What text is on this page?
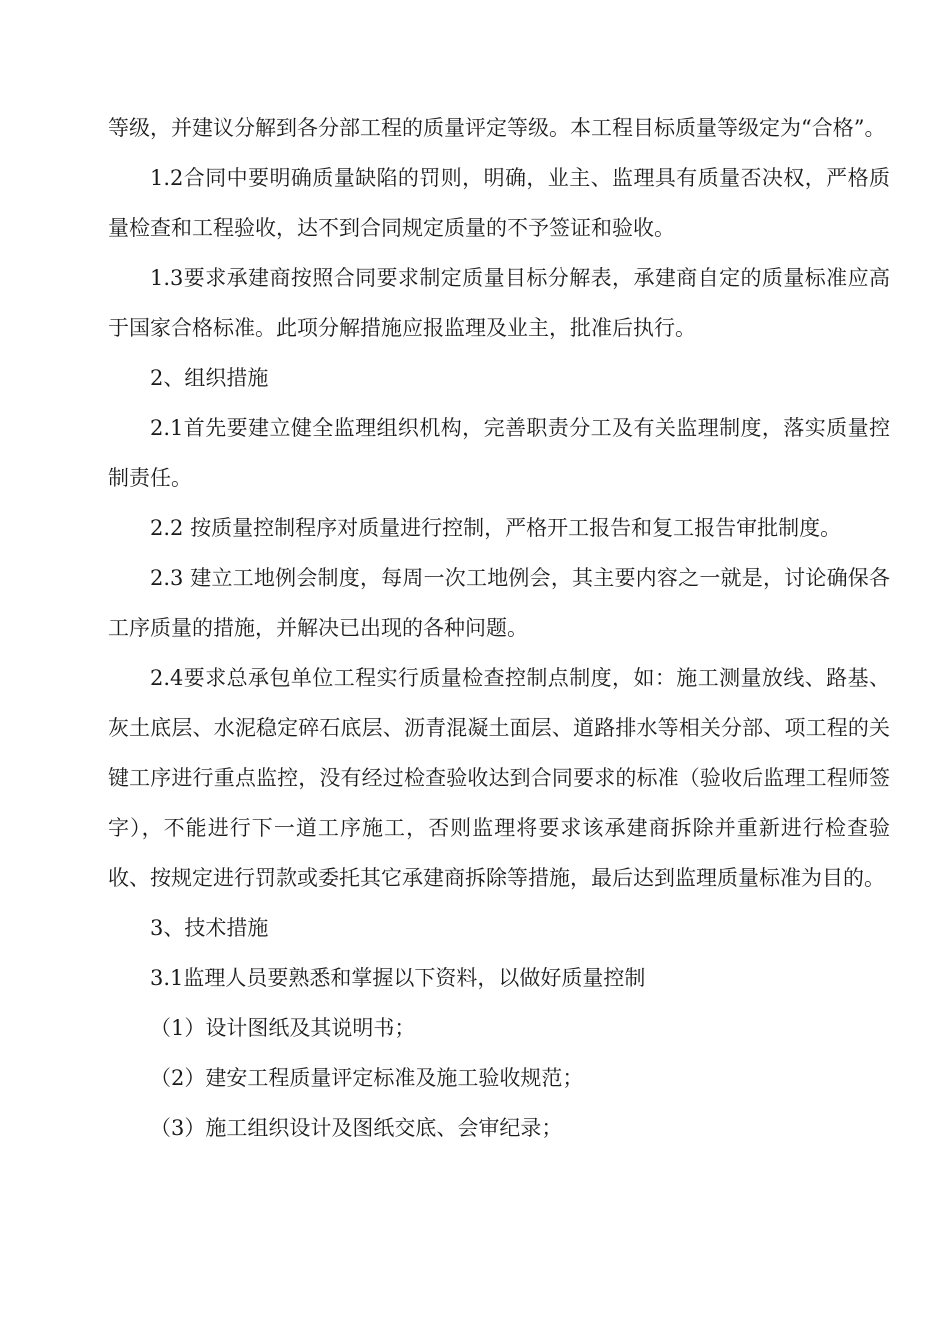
等级，并建议分解到各分部工程的质量评定等级。本工程目标质量等级定为“合格”。

1.2合同中要明确质量缺陷的罚则，明确，业主、监理具有质量否决权，严格质量检查和工程验收，达不到合同规定质量的不予签证和验收。

1.3要求承建商按照合同要求制定质量目标分解表，承建商自定的质量标准应高于国家合格标准。此项分解措施应报监理及业主，批准后执行。

2、组织措施

2.1首先要建立健全监理组织机构，完善职责分工及有关监理制度，落实质量控制责任。

2.2 按质量控制程序对质量进行控制，严格开工报告和复工报告审批制度。

2.3 建立工地例会制度，每周一次工地例会，其主要内容之一就是，讨论确保各工序质量的措施，并解决已出现的各种问题。

2.4要求总承包单位工程实行质量检查控制点制度，如：施工测量放线、路基、灰土底层、水泥稳定碎石底层、沥青混凝土面层、道路排水等相关分部、项工程的关键工序进行重点监控，没有经过检查验收达到合同要求的标准（验收后监理工程师签字），不能进行下一道工序施工，否则监理将要求该承建商拆除并重新进行检查验收、按规定进行罚款或委托其它承建商拆除等措施，最后达到监理质量标准为目的。

3、技术措施

3.1监理人员要熟悉和掌握以下资料，以做好质量控制

（1）设计图纸及其说明书；

（2）建安工程质量评定标准及施工验收规范；

（3）施工组织设计及图纸交底、会审纪录；
